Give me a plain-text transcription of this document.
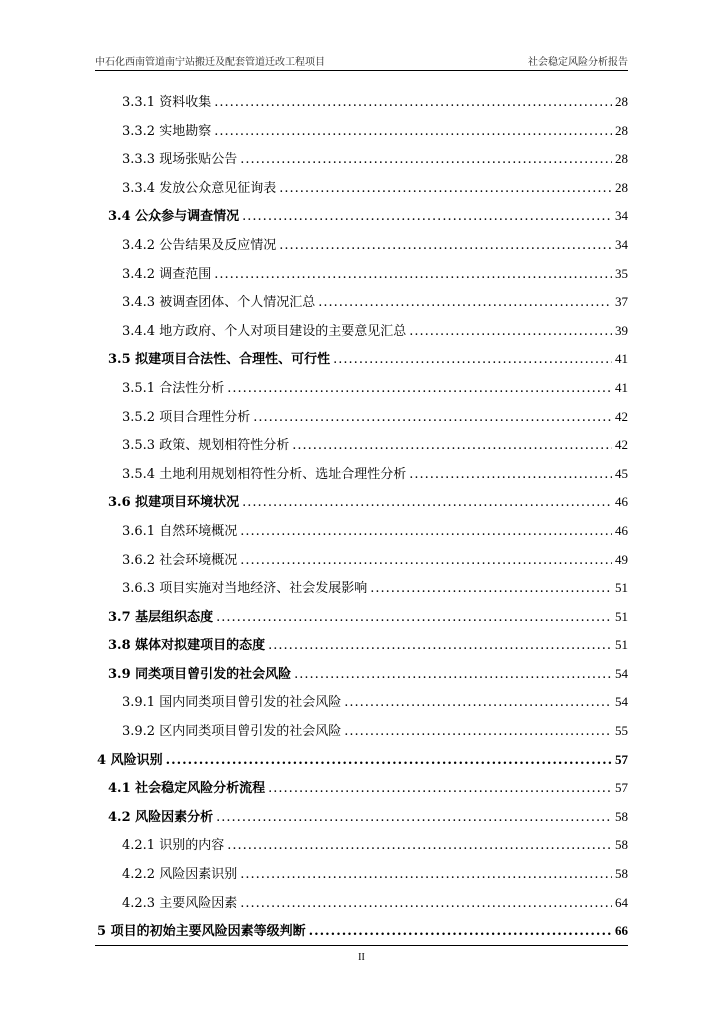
中石化西南管道南宁站搬迁及配套管道迁改工程项目	社会稳定风险分析报告
3.3.1 资料收集 .....	28
3.3.2 实地勘察 .....	28
3.3.3 现场张贴公告 .....	28
3.3.4 发放公众意见征询表 .....	28
3.4 公众参与调查情况 .....	34
3.4.2 公告结果及反应情况 .....	34
3.4.2 调查范围 .....	35
3.4.3 被调查团体、个人情况汇总 .....	37
3.4.4 地方政府、个人对项目建设的主要意见汇总 .....	39
3.5 拟建项目合法性、合理性、可行性 .....	41
3.5.1 合法性分析 .....	41
3.5.2 项目合理性分析 .....	42
3.5.3 政策、规划相符性分析 .....	42
3.5.4 土地利用规划相符性分析、选址合理性分析 .....	45
3.6 拟建项目环境状况 .....	46
3.6.1 自然环境概况 .....	46
3.6.2 社会环境概况 .....	49
3.6.3 项目实施对当地经济、社会发展影响 .....	51
3.7 基层组织态度 .....	51
3.8 媒体对拟建项目的态度 .....	51
3.9 同类项目曾引发的社会风险 .....	54
3.9.1 国内同类项目曾引发的社会风险 .....	54
3.9.2 区内同类项目曾引发的社会风险 .....	55
4 风险识别 .....	57
4.1 社会稳定风险分析流程 .....	57
4.2 风险因素分析 .....	58
4.2.1 识别的内容 .....	58
4.2.2 风险因素识别 .....	58
4.2.3 主要风险因素 .....	64
5 项目的初始主要风险因素等级判断 .....	66
II
